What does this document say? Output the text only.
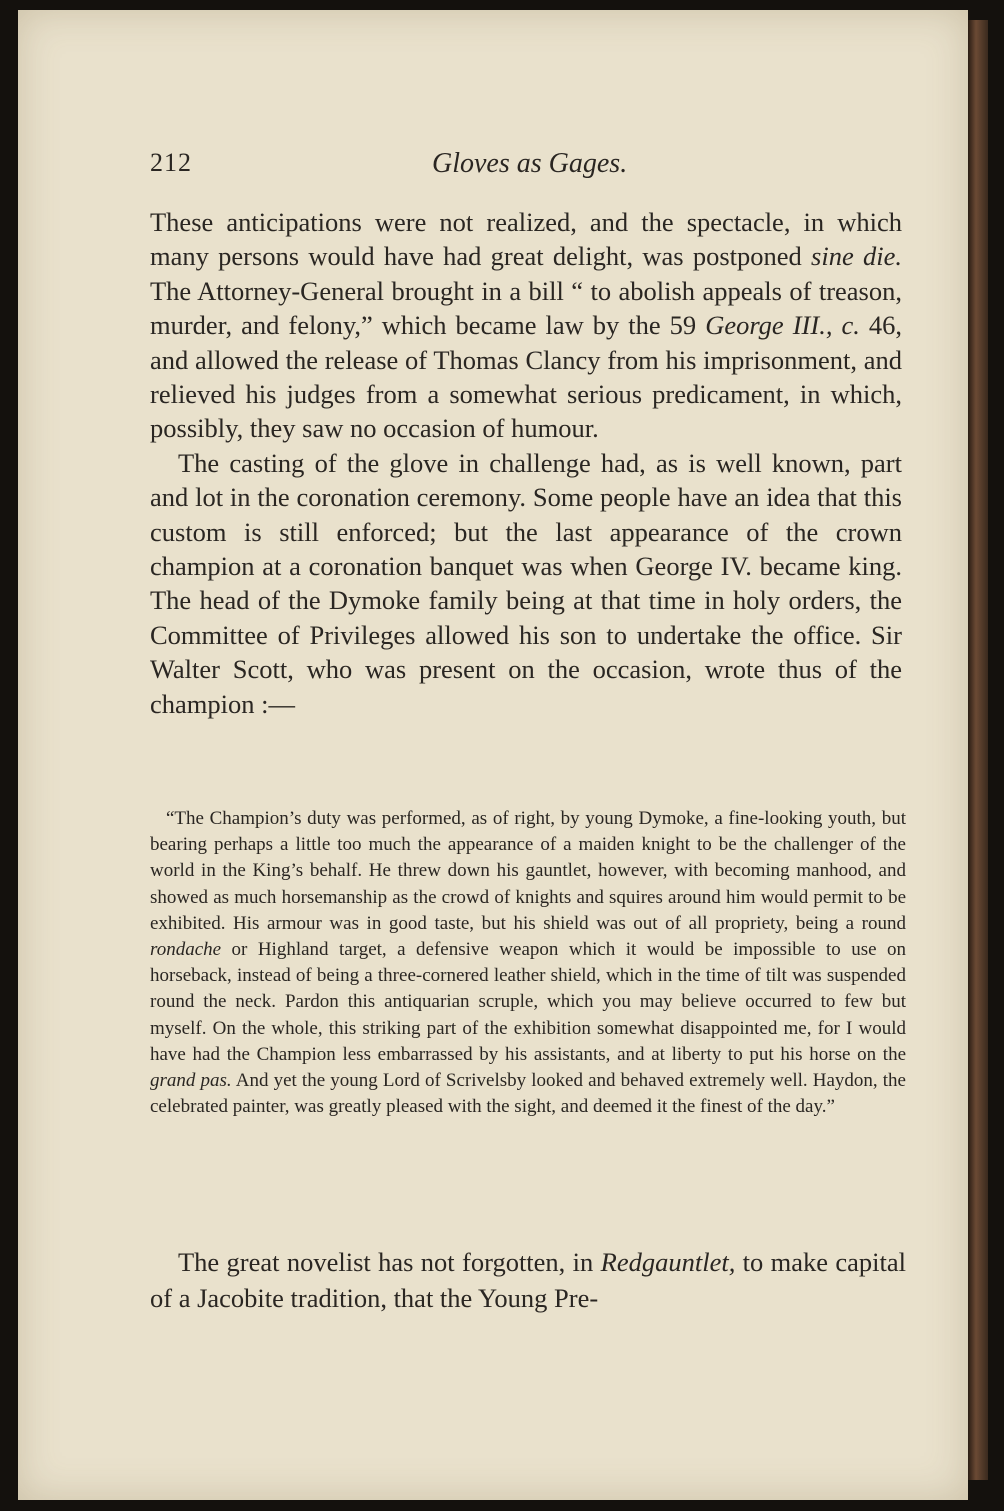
212	Gloves as Gages.

These anticipations were not realized, and the spectacle, in which many persons would have had great delight, was postponed sine die. The Attorney-General brought in a bill “ to abolish appeals of treason, murder, and felony,” which became law by the 59 George III., c. 46, and allowed the release of Thomas Clancy from his imprisonment, and relieved his judges from a somewhat serious predicament, in which, possibly, they saw no occasion of humour.

The casting of the glove in challenge had, as is well known, part and lot in the coronation ceremony. Some people have an idea that this custom is still enforced; but the last appearance of the crown champion at a coronation banquet was when George IV. became king. The head of the Dymoke family being at that time in holy orders, the Committee of Privileges allowed his son to undertake the office. Sir Walter Scott, who was present on the occasion, wrote thus of the champion :—

“The Champion’s duty was performed, as of right, by young Dymoke, a fine-looking youth, but bearing perhaps a little too much the appearance of a maiden knight to be the challenger of the world in the King’s behalf. He threw down his gauntlet, however, with becoming manhood, and showed as much horsemanship as the crowd of knights and squires around him would permit to be exhibited. His armour was in good taste, but his shield was out of all propriety, being a round rondache or Highland target, a defensive weapon which it would be impossible to use on horseback, instead of being a three-cornered leather shield, which in the time of tilt was suspended round the neck. Pardon this antiquarian scruple, which you may believe occurred to few but myself. On the whole, this striking part of the exhibition somewhat disappointed me, for I would have had the Champion less embarrassed by his assistants, and at liberty to put his horse on the grand pas. And yet the young Lord of Scrivelsby looked and behaved extremely well. Haydon, the celebrated painter, was greatly pleased with the sight, and deemed it the finest of the day.”
The great novelist has not forgotten, in Redgauntlet, to make capital of a Jacobite tradition, that the Young Pre-
